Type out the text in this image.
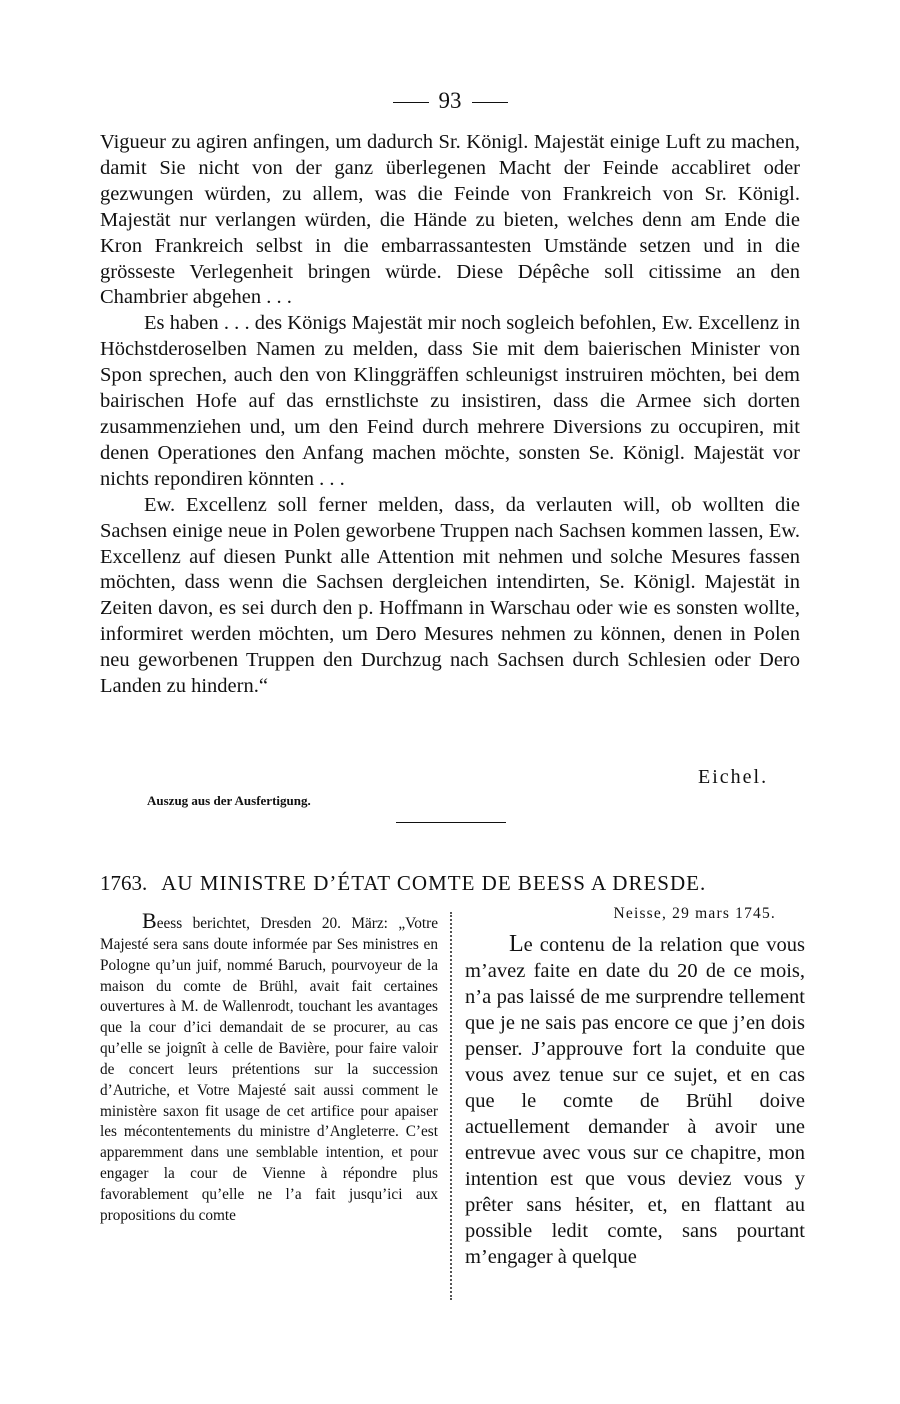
93

Vigueur zu agiren anfingen, um dadurch Sr. Königl. Majestät einige Luft zu machen, damit Sie nicht von der ganz überlegenen Macht der Feinde accabliret oder gezwungen würden, zu allem, was die Feinde von Frankreich von Sr. Königl. Majestät nur verlangen würden, die Hände zu bieten, welches denn am Ende die Kron Frankreich selbst in die embarrassantesten Umstände setzen und in die grösseste Verlegenheit bringen würde. Diese Dépêche soll citissime an den Chambrier abgehen . . .

Es haben . . . des Königs Majestät mir noch sogleich befohlen, Ew. Excellenz in Höchstderoselben Namen zu melden, dass Sie mit dem baierischen Minister von Spon sprechen, auch den von Klinggräffen schleunigst instruiren möchten, bei dem bairischen Hofe auf das ernstlichste zu insistiren, dass die Armee sich dorten zusammenziehen und, um den Feind durch mehrere Diversions zu occupiren, mit denen Operationes den Anfang machen möchte, sonsten Se. Königl. Majestät vor nichts repondiren könnten . . .

Ew. Excellenz soll ferner melden, dass, da verlauten will, ob wollten die Sachsen einige neue in Polen geworbene Truppen nach Sachsen kommen lassen, Ew. Excellenz auf diesen Punkt alle Attention mit nehmen und solche Mesures fassen möchten, dass wenn die Sachsen dergleichen intendirten, Se. Königl. Majestät in Zeiten davon, es sei durch den p. Hoffmann in Warschau oder wie es sonsten wollte, informiret werden möchten, um Dero Mesures nehmen zu können, denen in Polen neu geworbenen Truppen den Durchzug nach Sachsen durch Schlesien oder Dero Landen zu hindern.“

Eichel.
Auszug aus der Ausfertigung.
1763. AU MINISTRE D’ÉTAT COMTE DE BEESS A DRESDE.

Beess berichtet, Dresden 20. März: „Votre Majesté sera sans doute informée par Ses ministres en Pologne qu’un juif, nommé Baruch, pourvoyeur de la maison du comte de Brühl, avait fait certaines ouvertures à M. de Wallenrodt, touchant les avantages que la cour d’ici demandait de se procurer, au cas qu’elle se joignît à celle de Bavière, pour faire valoir de concert leurs prétentions sur la succession d’Autriche, et Votre Majesté sait aussi comment le ministère saxon fit usage de cet artifice pour apaiser les mécontentements du ministre d’Angleterre. C’est apparemment dans une semblable intention, et pour engager la cour de Vienne à répondre plus favorablement qu’elle ne l’a fait jusqu’ici aux propositions du comte

Neisse, 29 mars 1745.

Le contenu de la relation que vous m’avez faite en date du 20 de ce mois, n’a pas laissé de me surprendre tellement que je ne sais pas encore ce que j’en dois penser. J’approuve fort la conduite que vous avez tenue sur ce sujet, et en cas que le comte de Brühl doive actuellement demander à avoir une entrevue avec vous sur ce chapitre, mon intention est que vous deviez vous y prêter sans hésiter, et, en flattant au possible ledit comte, sans pourtant m’engager à quelque
